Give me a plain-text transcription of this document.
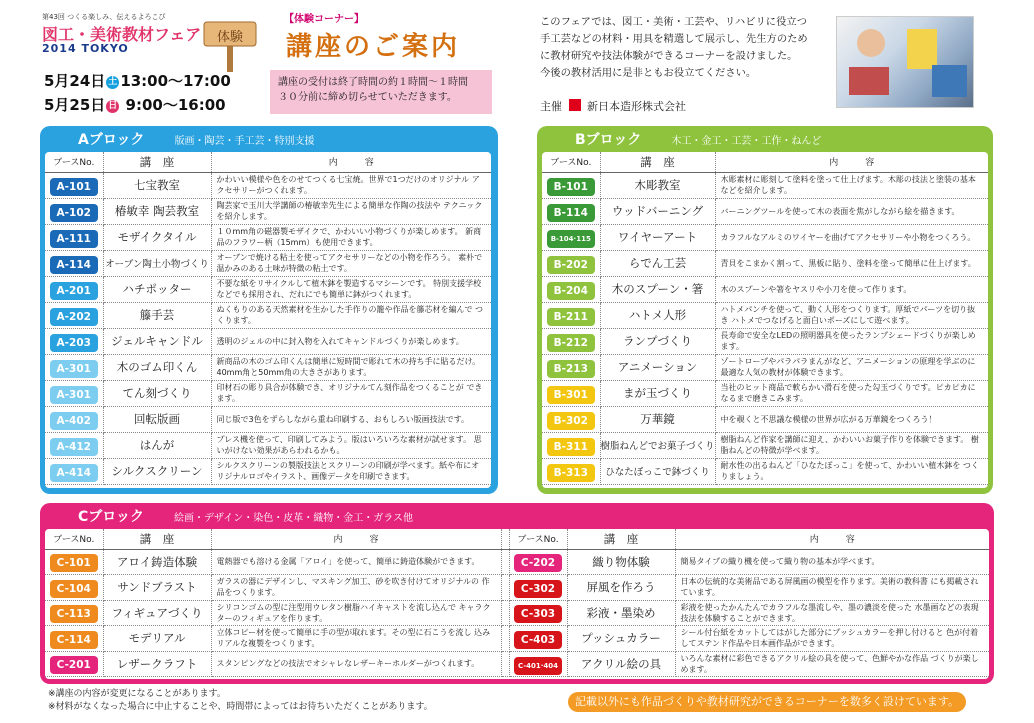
第43回 つくる楽しみ、伝えるよろこび
図工・美術教材フェア
2014 TOKYO
5月24日 土 13:00～17:00
5月25日 日 9:00～16:00
体験
【体験コーナー】
講座のご案内
講座の受付は終了時間の約１時間～１時間
３０分前に締め切らせていただきます。
このフェアでは、図工・美術・工芸や、リハビリに役立つ
手工芸などの材料・用具を精選して展示し、先生方のため
に教材研究や技法体験ができるコーナーを設けました。
今後の教材活用に是非ともお役立てください。
主催 新日本造形株式会社
Aブロック	版画・陶芸・手工芸・特別支援
ブースNo.	講　座	内　　　容
A-101	七宝教室	かわいい模様や色をのせてつくる七宝焼。世界で1つだけのオリジナル アクセサリーがつくれます。
A-102	椿敏幸 陶芸教室	陶芸家で玉川大学講師の椿敏幸先生による簡単な作陶の技法や テクニックを紹介します。
A-111	モザイクタイル	１０mm角の磁器製モザイクで、かわいい小物づくりが楽しめます。 新商品のフラワー柄（15mm）も使用できます。
A-114	オーブン陶土小物づくり	オーブンで焼ける粘土を使ってアクセサリーなどの小物を作ろう。 素朴で温かみのある土味が特徴の粘土です。
A-201	ハチポッター	不要な紙をリサイクルして植木鉢を製造するマシーンです。 特別支援学校などでも採用され、だれにでも簡単に鉢がつくれます。
A-202	籐手芸	ぬくもりのある天然素材を生かした手作りの籠や作品を籐芯材を編んで つくります。
A-203	ジェルキャンドル	透明のジェルの中に封入物を入れてキャンドルづくりが楽しめます。
A-301	木のゴム印くん	新商品の木のゴム印くんは簡単に短時間で彫れて木の持ち手に貼るだけ。 40mm角と50mm角の大きさがあります。
A-301	てん刻づくり	印材石の彫り具合が体験でき、オリジナルてん刻作品をつくることが できます。
A-402	回転版画	同じ版で3色をずらしながら重ね印刷する、おもしろい版画技法です。
A-412	はんが	プレス機を使って、印刷してみよう。版はいろいろな素材が試せます。 思いがけない効果があらわれるかも。
A-414	シルクスクリーン	シルクスクリーンの製版技法とスクリーンの印刷が学べます。紙や布にオ リジナルロゴやイラスト、画像データを印刷できます。
Bブロック	木工・金工・工芸・工作・ねんど
ブースNo.	講　座	内　　　容
B-101	木彫教室	木彫素材に彫刻して塗料を塗って仕上げます。木彫の技法と塗装の基本 などを紹介します。
B-114	ウッドバーニング	バーニングツールを使って木の表面を焦がしながら絵を描きます。
B-104·115	ワイヤーアート	カラフルなアルミのワイヤーを曲げてアクセサリーや小物をつくろう。
B-202	らでん工芸	青貝をこまかく割って、黒板に貼り、塗料を塗って簡単に仕上げます。
B-204	木のスプーン・箸	木のスプーンや箸をヤスリや小刀を使って作ります。
B-211	ハトメ人形	ハトメパンチを使って、動く人形をつくります。厚紙でパーツを切り抜き ハトメでつなげると面白いポーズにして遊べます。
B-212	ランプづくり	長寿命で安全なLEDの照明器具を使ったランプシェードづくりが楽しめます。
B-213	アニメーション	ゾートロープやパラパラまんがなど、アニメーションの原理を学ぶのに 最適な人気の教材が体験できます。
B-301	まが玉づくり	当社のヒット商品で軟らかい滑石を使った勾玉づくりです。ピカピカに なるまで磨きこみます。
B-302	万華鏡	中を覗くと不思議な模様の世界が広がる万華鏡をつくろう！
B-311	樹脂ねんどでお菓子づくり	樹脂ねんど作家を講師に迎え、かわいいお菓子作りを体験できます。 樹脂ねんどの特徴が学べます。
B-313	ひなたぼっこで鉢づくり	耐水性の出るねんど「ひなたぼっこ」を使って、かわいい植木鉢を つくりましょう。
Cブロック	絵画・デザイン・染色・皮革・織物・金工・ガラス他
ブースNo.	講　座	内　　　容		ブースNo.	講　座	内　　　容
C-101	アロイ鋳造体験	電熱器でも溶ける金属「アロイ」を使って、簡単に鋳造体験ができます。		C-202	織り物体験	簡易タイプの織り機を使って織り物の基本が学べます。
C-104	サンドブラスト	ガラスの器にデザインし、マスキング加工、砂を吹き付けてオリジナルの 作品をつくります。		C-302	屏風を作ろう	日本の伝統的な美術品である屏風画の模型を作ります。美術の教科書 にも掲載されています。
C-113	フィギュアづくり	シリコンゴムの型に注型用ウレタン樹脂ハイキャストを流し込んで キャラクターのフィギュアを作ります。		C-303	彩液・墨染め	彩液を使ったかんたんでカラフルな墨流しや、墨の濃淡を使った 水墨画などの表現技法を体験することができます。
C-114	モデリアル	立体コピー材を使って簡単に手の型が取れます。その型に石こうを流し 込みリアルな複製をつくります。		C-403	プッシュカラー	シール付台紙をカットしてはがした部分にプッシュカラーを押し付けると 色が付着してステンド作品や日本画作品ができます。
C-201	レザークラフト	スタンピングなどの技法でオシャレなレザーキーホルダーがつくれます。		C-401·404	アクリル絵の具	いろんな素材に彩色できるアクリル絵の具を使って、色鮮やかな作品 づくりが楽しめます。
※講座の内容が変更になることがあります。
※材料がなくなった場合に中止することや、時間帯によってはお待ちいただくことがあります。	記載以外にも作品づくりや教材研究ができるコーナーを数多く設けています。
